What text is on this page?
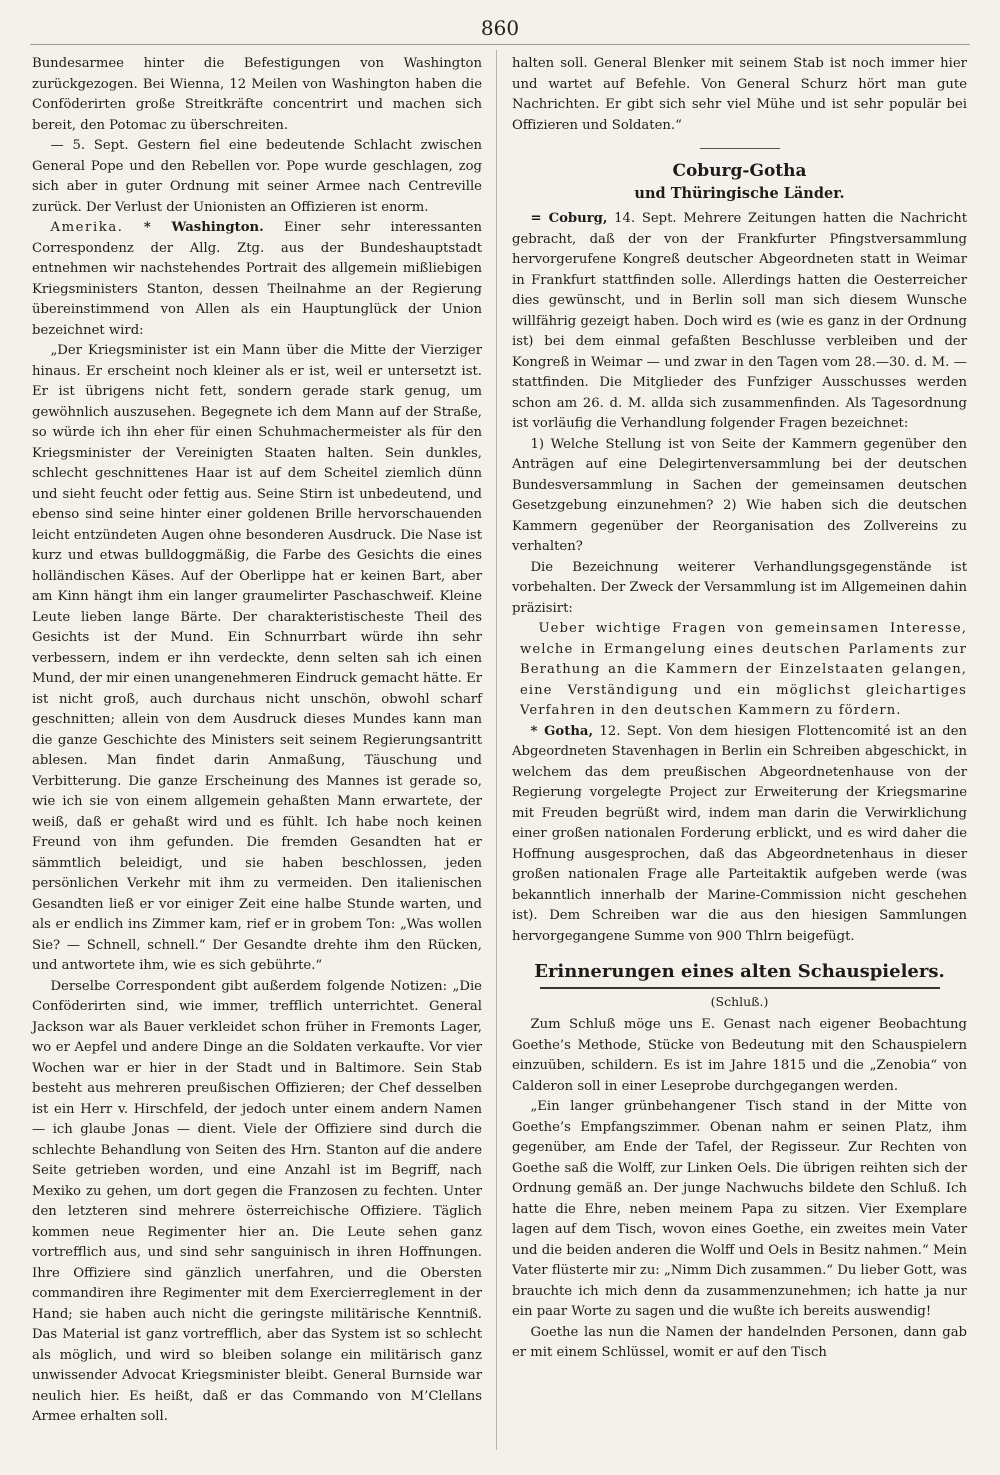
860

Bundesarmee hinter die Befestigungen von Washington zurückgezogen. Bei Wienna, 12 Meilen von Washington haben die Conföderirten große Streitkräfte concentrirt und machen sich bereit, den Potomac zu überschreiten.

— 5. Sept. Gestern fiel eine bedeutende Schlacht zwischen General Pope und den Rebellen vor. Pope wurde geschlagen, zog sich aber in guter Ordnung mit seiner Armee nach Centreville zurück. Der Verlust der Unionisten an Offizieren ist enorm.

Amerika. * Washington. Einer sehr interessanten Correspondenz der Allg. Ztg. aus der Bundeshauptstadt entnehmen wir nachstehendes Portrait des allgemein mißliebigen Kriegsministers Stanton, dessen Theilnahme an der Regierung übereinstimmend von Allen als ein Hauptunglück der Union bezeichnet wird:

„Der Kriegsminister ist ein Mann über die Mitte der Vierziger hinaus. Er erscheint noch kleiner als er ist, weil er untersetzt ist. Er ist übrigens nicht fett, sondern gerade stark genug, um gewöhnlich auszusehen. Begegnete ich dem Mann auf der Straße, so würde ich ihn eher für einen Schuhmachermeister als für den Kriegsminister der Vereinigten Staaten halten. Sein dunkles, schlecht geschnittenes Haar ist auf dem Scheitel ziemlich dünn und sieht feucht oder fettig aus. Seine Stirn ist unbedeutend, und ebenso sind seine hinter einer goldenen Brille hervorschauenden leicht entzündeten Augen ohne besonderen Ausdruck. Die Nase ist kurz und etwas bulldoggmäßig, die Farbe des Gesichts die eines holländischen Käses. Auf der Oberlippe hat er keinen Bart, aber am Kinn hängt ihm ein langer graumelirter Paschaschweif. Kleine Leute lieben lange Bärte. Der charakteristischeste Theil des Gesichts ist der Mund. Ein Schnurrbart würde ihn sehr verbessern, indem er ihn verdeckte, denn selten sah ich einen Mund, der mir einen unangenehmeren Eindruck gemacht hätte. Er ist nicht groß, auch durchaus nicht unschön, obwohl scharf geschnitten; allein von dem Ausdruck dieses Mundes kann man die ganze Geschichte des Ministers seit seinem Regierungsantritt ablesen. Man findet darin Anmaßung, Täuschung und Verbitterung. Die ganze Erscheinung des Mannes ist gerade so, wie ich sie von einem allgemein gehaßten Mann erwartete, der weiß, daß er gehaßt wird und es fühlt. Ich habe noch keinen Freund von ihm gefunden. Die fremden Gesandten hat er sämmtlich beleidigt, und sie haben beschlossen, jeden persönlichen Verkehr mit ihm zu vermeiden. Den italienischen Gesandten ließ er vor einiger Zeit eine halbe Stunde warten, und als er endlich ins Zimmer kam, rief er in grobem Ton: „Was wollen Sie? — Schnell, schnell.“ Der Gesandte drehte ihm den Rücken, und antwortete ihm, wie es sich gebührte.“

Derselbe Correspondent gibt außerdem folgende Notizen: „Die Conföderirten sind, wie immer, trefflich unterrichtet. General Jackson war als Bauer verkleidet schon früher in Fremonts Lager, wo er Aepfel und andere Dinge an die Soldaten verkaufte. Vor vier Wochen war er hier in der Stadt und in Baltimore. Sein Stab besteht aus mehreren preußischen Offizieren; der Chef desselben ist ein Herr v. Hirschfeld, der jedoch unter einem andern Namen — ich glaube Jonas — dient. Viele der Offiziere sind durch die schlechte Behandlung von Seiten des Hrn. Stanton auf die andere Seite getrieben worden, und eine Anzahl ist im Begriff, nach Mexiko zu gehen, um dort gegen die Franzosen zu fechten. Unter den letzteren sind mehrere österreichische Offiziere. Täglich kommen neue Regimenter hier an. Die Leute sehen ganz vortrefflich aus, und sind sehr sanguinisch in ihren Hoffnungen. Ihre Offiziere sind gänzlich unerfahren, und die Obersten commandiren ihre Regimenter mit dem Exercierreglement in der Hand; sie haben auch nicht die geringste militärische Kenntniß. Das Material ist ganz vortrefflich, aber das System ist so schlecht als möglich, und wird so bleiben solange ein militärisch ganz unwissender Advocat Kriegsminister bleibt. General Burnside war neulich hier. Es heißt, daß er das Commando von M’Clellans Armee erhalten soll.

halten soll. General Blenker mit seinem Stab ist noch immer hier und wartet auf Befehle. Von General Schurz hört man gute Nachrichten. Er gibt sich sehr viel Mühe und ist sehr populär bei Offizieren und Soldaten.“

Coburg-Gotha
und Thüringische Länder.

= Coburg, 14. Sept. Mehrere Zeitungen hatten die Nachricht gebracht, daß der von der Frankfurter Pfingstversammlung hervorgerufene Kongreß deutscher Abgeordneten statt in Weimar in Frankfurt stattfinden solle. Allerdings hatten die Oesterreicher dies gewünscht, und in Berlin soll man sich diesem Wunsche willfährig gezeigt haben. Doch wird es (wie es ganz in der Ordnung ist) bei dem einmal gefaßten Beschlusse verbleiben und der Kongreß in Weimar — und zwar in den Tagen vom 28.—30. d. M. — stattfinden. Die Mitglieder des Funfziger Ausschusses werden schon am 26. d. M. allda sich zusammenfinden. Als Tagesordnung ist vorläufig die Verhandlung folgender Fragen bezeichnet:

1) Welche Stellung ist von Seite der Kammern gegenüber den Anträgen auf eine Delegirtenversammlung bei der deutschen Bundesversammlung in Sachen der gemeinsamen deutschen Gesetzgebung einzunehmen? 2) Wie haben sich die deutschen Kammern gegenüber der Reorganisation des Zollvereins zu verhalten?

Die Bezeichnung weiterer Verhandlungsgegenstände ist vorbehalten. Der Zweck der Versammlung ist im Allgemeinen dahin präzisirt:

Ueber wichtige Fragen von gemeinsamen Interesse, welche in Ermangelung eines deutschen Parlaments zur Berathung an die Kammern der Einzelstaaten gelangen, eine Verständigung und ein möglichst gleichartiges Verfahren in den deutschen Kammern zu fördern.

* Gotha, 12. Sept. Von dem hiesigen Flottencomité ist an den Abgeordneten Stavenhagen in Berlin ein Schreiben abgeschickt, in welchem das dem preußischen Abgeordnetenhause von der Regierung vorgelegte Project zur Erweiterung der Kriegsmarine mit Freuden begrüßt wird, indem man darin die Verwirklichung einer großen nationalen Forderung erblickt, und es wird daher die Hoffnung ausgesprochen, daß das Abgeordnetenhaus in dieser großen nationalen Frage alle Parteitaktik aufgeben werde (was bekanntlich innerhalb der Marine-Commission nicht geschehen ist). Dem Schreiben war die aus den hiesigen Sammlungen hervorgegangene Summe von 900 Thlrn beigefügt.

Erinnerungen eines alten Schauspielers.
(Schluß.)

Zum Schluß möge uns E. Genast nach eigener Beobachtung Goethe’s Methode, Stücke von Bedeutung mit den Schauspielern einzuüben, schildern. Es ist im Jahre 1815 und die „Zenobia“ von Calderon soll in einer Leseprobe durchgegangen werden.

„Ein langer grünbehangener Tisch stand in der Mitte von Goethe’s Empfangszimmer. Obenan nahm er seinen Platz, ihm gegenüber, am Ende der Tafel, der Regisseur. Zur Rechten von Goethe saß die Wolff, zur Linken Oels. Die übrigen reihten sich der Ordnung gemäß an. Der junge Nachwuchs bildete den Schluß. Ich hatte die Ehre, neben meinem Papa zu sitzen. Vier Exemplare lagen auf dem Tisch, wovon eines Goethe, ein zweites mein Vater und die beiden anderen die Wolff und Oels in Besitz nahmen.“ Mein Vater flüsterte mir zu: „Nimm Dich zusammen.“ Du lieber Gott, was brauchte ich mich denn da zusammenzunehmen; ich hatte ja nur ein paar Worte zu sagen und die wußte ich bereits auswendig!

Goethe las nun die Namen der handelnden Personen, dann gab er mit einem Schlüssel, womit er auf den Tisch
